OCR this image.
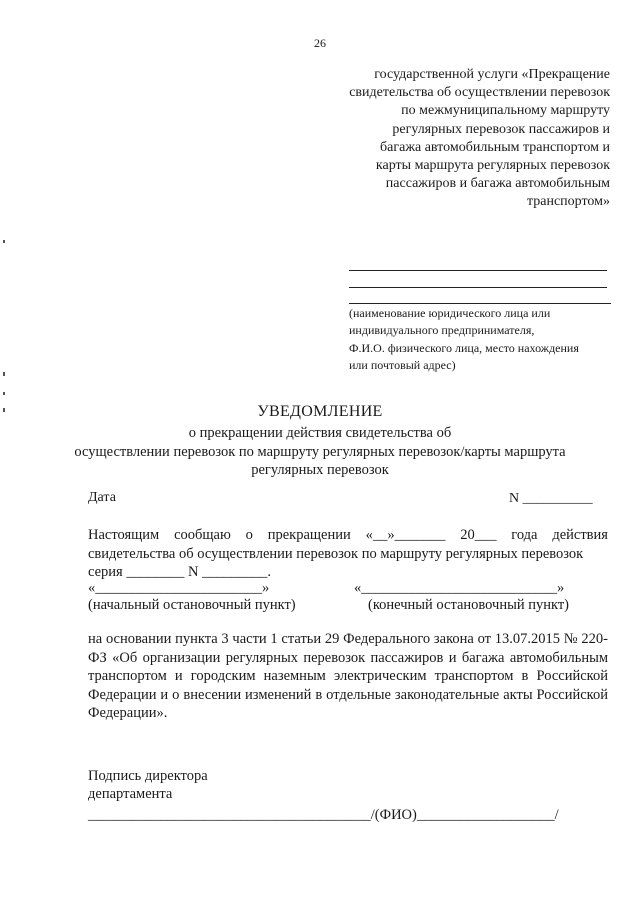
26
государственной услуги «Прекращение
свидетельства об осуществлении перевозок
по межмуниципальному маршруту
регулярных перевозок пассажиров и
багажа автомобильным транспортом и
карты маршрута регулярных перевозок
пассажиров и багажа автомобильным
транспортом»
(наименование юридического лица или
индивидуального предпринимателя,
Ф.И.О. физического лица, место нахождения
или почтовый адрес)
УВЕДОМЛЕНИЕ
о прекращении действия свидетельства об
осуществлении перевозок по маршруту регулярных перевозок/карты маршрута
регулярных перевозок
Дата	N __________
Настоящим сообщаю о прекращении «__»_______ 20___ года действия
свидетельства об осуществлении перевозок по маршруту регулярных перевозок
серия ________ N _________.
«_______________________»	«___________________________»
(начальный остановочный пункт)	(конечный остановочный пункт)
на основании пункта 3 части 1 статьи 29 Федерального закона от 13.07.2015 № 220-ФЗ «Об организации регулярных перевозок пассажиров и багажа автомобильным транспортом и городским наземным электрическим транспортом в Российской Федерации и о внесении изменений в отдельные законодательные акты Российской Федерации».
Подпись директора
департамента
_______________________________________/(ФИО)___________________/
